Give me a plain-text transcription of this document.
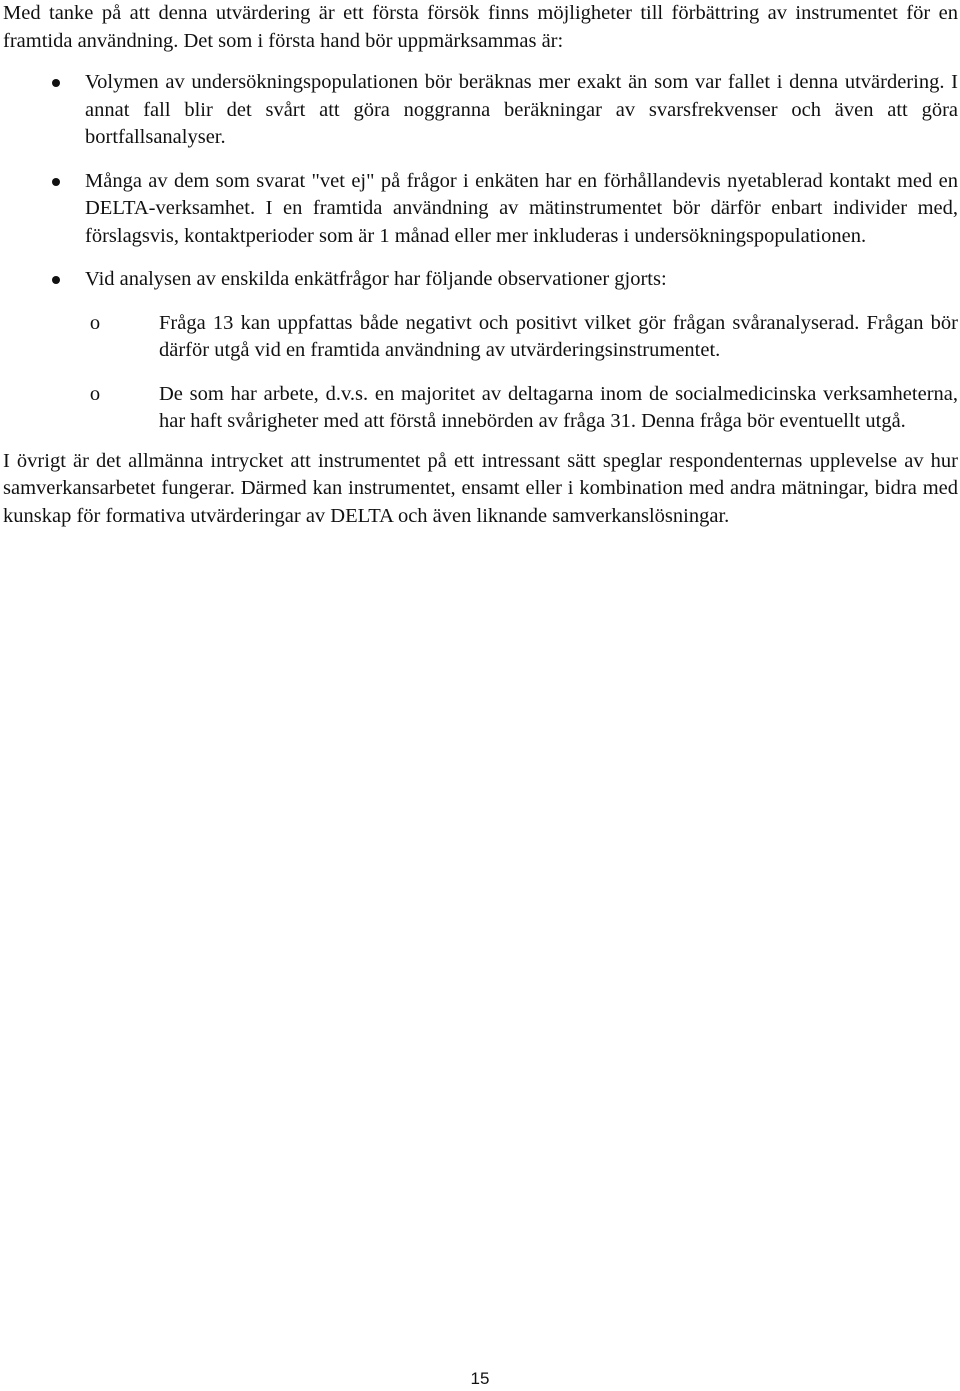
Med tanke på att denna utvärdering är ett första försök finns möjligheter till förbättring av instrumentet för en framtida användning. Det som i första hand bör uppmärksammas är:

Volymen av undersökningspopulationen bör beräknas mer exakt än som var fallet i denna utvärdering. I annat fall blir det svårt att göra noggranna beräkningar av svarsfrekvenser och även att göra bortfallsanalyser.
Många av dem som svarat "vet ej" på frågor i enkäten har en förhållandevis nyetablerad kontakt med en DELTA-verksamhet. I en framtida användning av mätinstrumentet bör därför enbart individer med, förslagsvis, kontaktperioder som är 1 månad eller mer inkluderas i undersökningspopulationen.
Vid analysen av enskilda enkätfrågor har följande observationer gjorts:
o	Fråga 13 kan uppfattas både negativt och positivt vilket gör frågan svåranalyserad. Frågan bör därför utgå vid en framtida användning av utvärderingsinstrumentet.
o	De som har arbete, d.v.s. en majoritet av deltagarna inom de socialmedicinska verksamheterna, har haft svårigheter med att förstå innebörden av fråga 31. Denna fråga bör eventuellt utgå.

I övrigt är det allmänna intrycket att instrumentet på ett intressant sätt speglar respondenternas upplevelse av hur samverkansarbetet fungerar. Därmed kan instrumentet, ensamt eller i kombination med andra mätningar, bidra med kunskap för formativa utvärderingar av DELTA och även liknande samverkanslösningar.

15
